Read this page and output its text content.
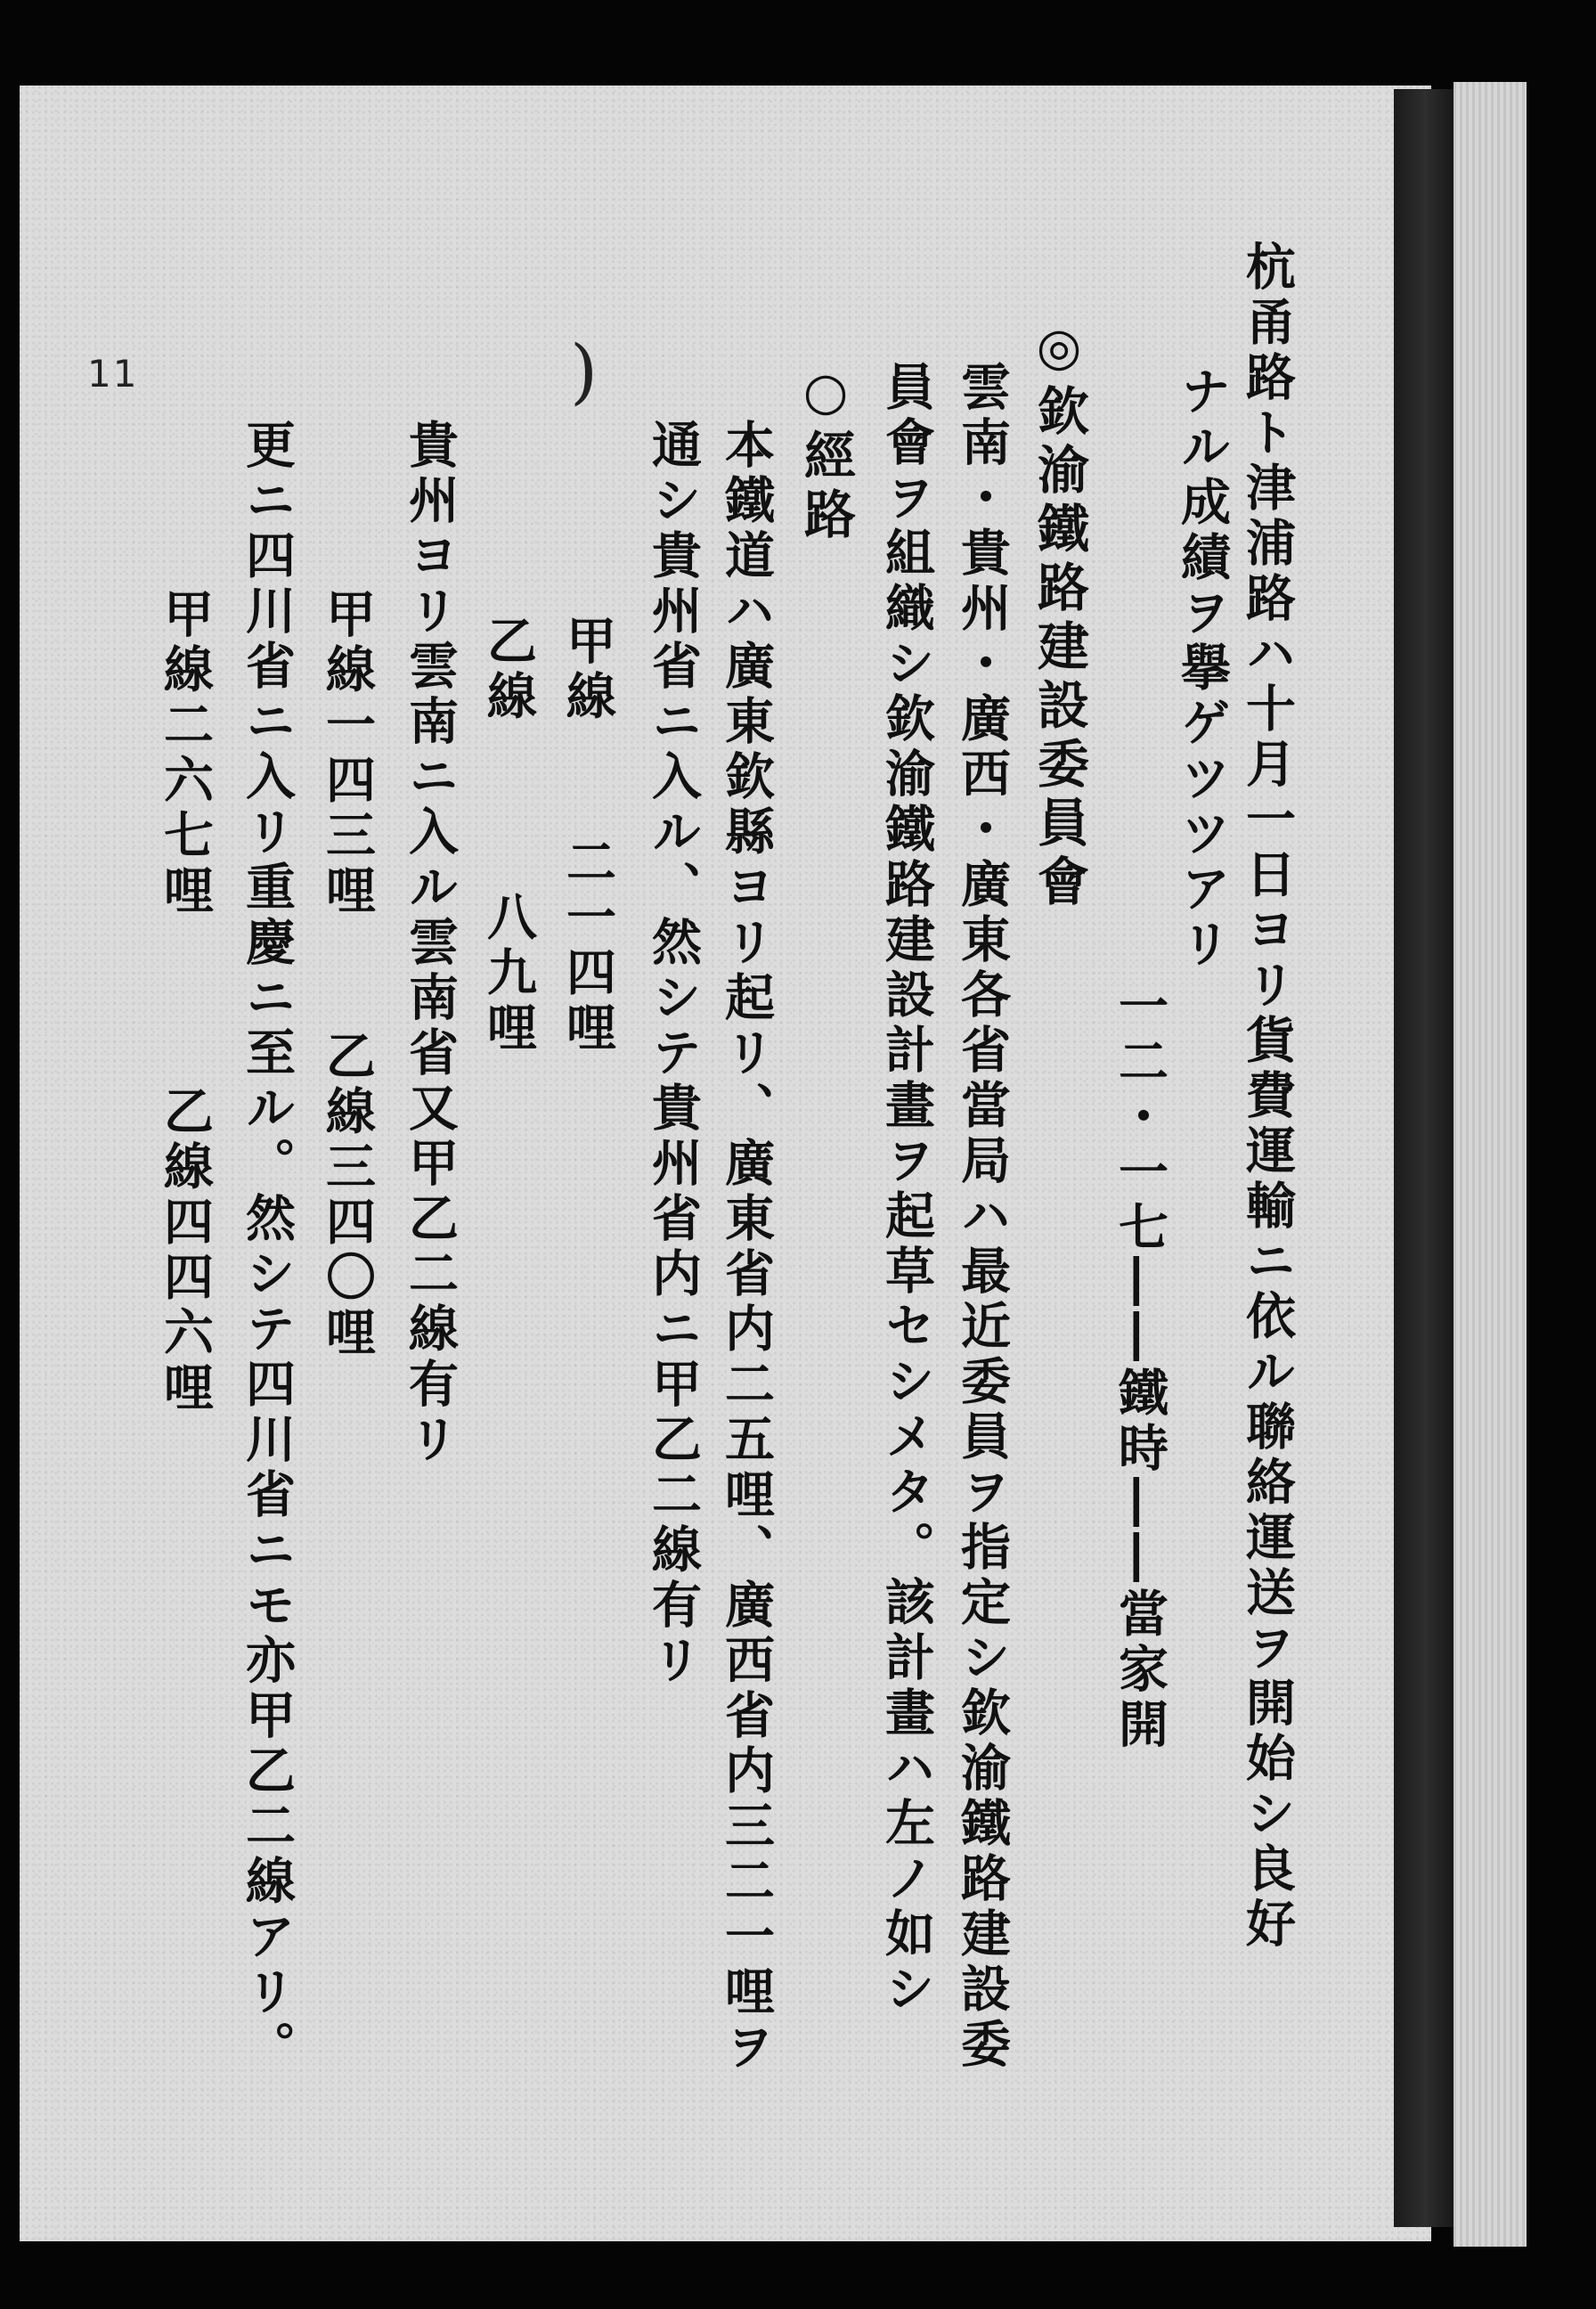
11	)	杭甬路ト津浦路ハ十月一日ヨリ貨費運輸ニ依ル聯絡運送ヲ開始シ良好
ナル成績ヲ擧ゲツツアリ
一二・一七――鐵時――當家開
◎欽渝鐵路建設委員會
雲南・貴州・廣西・廣東各省當局ハ最近委員ヲ指定シ欽渝鐵路建設委
員會ヲ組織シ欽渝鐵路建設計畫ヲ起草セシメタ。該計畫ハ左ノ如シ
○經路
本鐵道ハ廣東欽縣ヨリ起リ、廣東省内二五哩、廣西省内三二一哩ヲ
通シ貴州省ニ入ル、然シテ貴州省内ニ甲乙二線有リ
甲線　　二一四哩
乙線　　　八九哩
貴州ヨリ雲南ニ入ル雲南省又甲乙二線有リ
甲線一四三哩　　乙線三四〇哩
更ニ四川省ニ入リ重慶ニ至ル。然シテ四川省ニモ亦甲乙二線アリ。
甲線二六七哩　　　乙線四四六哩
